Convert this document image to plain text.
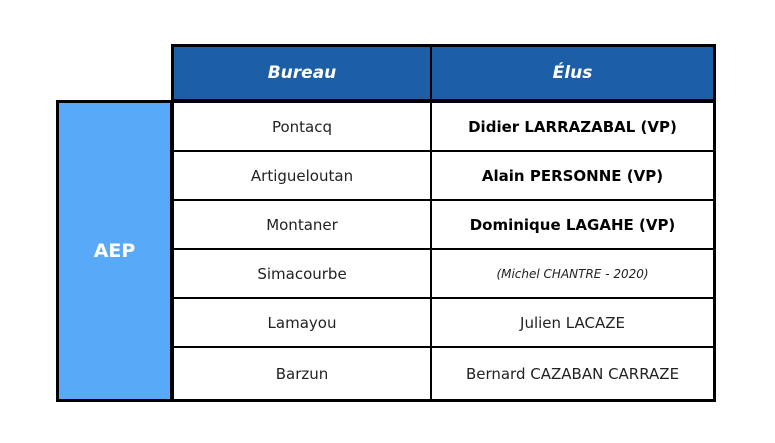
Bureau	Élus
AEP
Pontacq	Didier LARRAZABAL (VP)
Artigueloutan	Alain PERSONNE (VP)
Montaner	Dominique LAGAHE (VP)
Simacourbe	(Michel CHANTRE - 2020)
Lamayou	Julien LACAZE
Barzun	Bernard CAZABAN CARRAZE
